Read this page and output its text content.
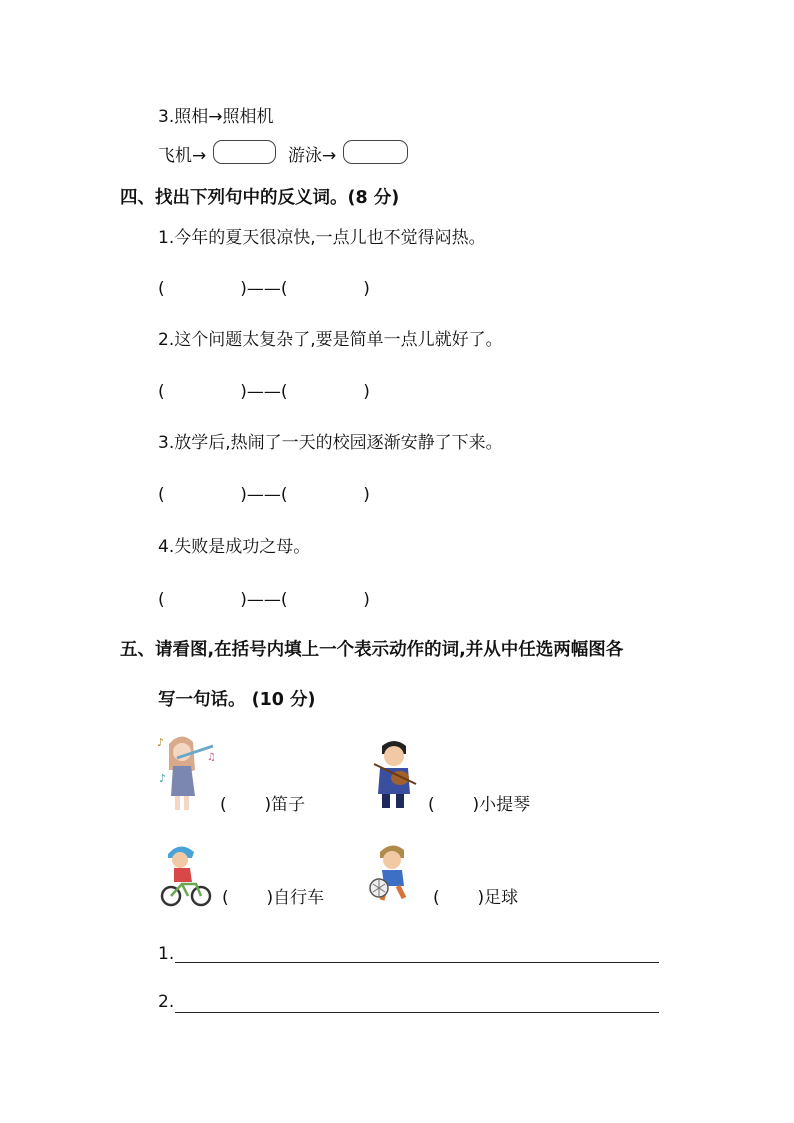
3.照相→照相机
飞机→	游泳→
四、找出下列句中的反义词。(8 分)
1.今年的夏天很凉快,一点儿也不觉得闷热。
(              )——(              )
2.这个问题太复杂了,要是简单一点儿就好了。
(              )——(              )
3.放学后,热闹了一天的校园逐渐安静了下来。
(              )——(              )
4.失败是成功之母。
(              )——(              )
五、请看图,在括号内填上一个表示动作的词,并从中任选两幅图各
写一句话。 (10 分)
♪
♪
♫
(       )笛子	(       )小提琴
(       )自行车	(       )足球
1.
2.
